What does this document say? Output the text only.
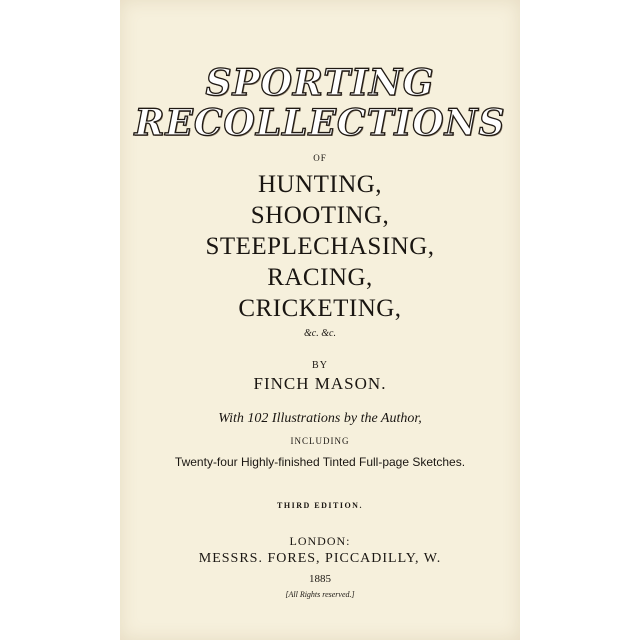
SPORTING
RECOLLECTIONS
OF
HUNTING,
SHOOTING,
STEEPLECHASING,
RACING,
CRICKETING,
&c. &c.
BY
FINCH MASON.
With 102 Illustrations by the Author,
INCLUDING
Twenty-four Highly-finished Tinted Full-page Sketches.
THIRD EDITION.
LONDON:
MESSRS. FORES, PICCADILLY, W.
1885
[All Rights reserved.]
